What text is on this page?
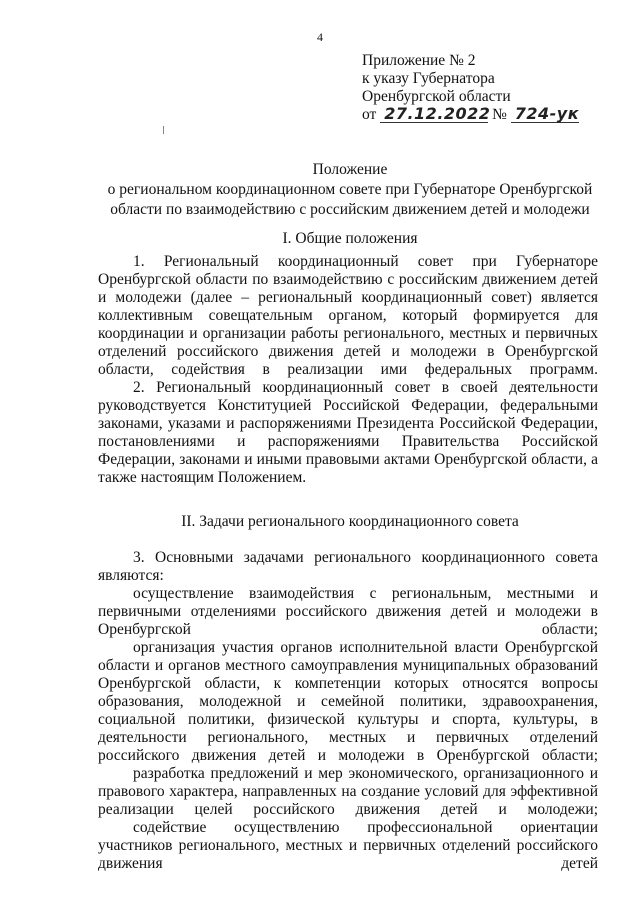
4
Приложение № 2
к указу Губернатора
Оренбургской области
от 27.12.2022 № 724-ук
Положение
о региональном координационном совете при Губернаторе Оренбургской
области по взаимодействию с российским движением детей и молодежи
I. Общие положения

1. Региональный координационный совет при Губернаторе Оренбургской области по взаимодействию с российским движением детей и молодежи (далее – региональный координационный совет) является коллективным совещательным органом, который формируется для координации и организации работы регионального, местных и первичных отделений российского движения детей и молодежи в Оренбургской области, содействия в реализации ими федеральных программ.

2. Региональный координационный совет в своей деятельности руководствуется Конституцией Российской Федерации, федеральными законами, указами и распоряжениями Президента Российской Федерации, постановлениями и распоряжениями Правительства Российской Федерации, законами и иными правовыми актами Оренбургской области, а также настоящим Положением.

II. Задачи регионального координационного совета

3. Основными задачами регионального координационного совета являются:

осуществление взаимодействия с региональным, местными и первичными отделениями российского движения детей и молодежи в Оренбургской области;

организация участия органов исполнительной власти Оренбургской области и органов местного самоуправления муниципальных образований Оренбургской области, к компетенции которых относятся вопросы образования, молодежной и семейной политики, здравоохранения, социальной политики, физической культуры и спорта, культуры, в деятельности регионального, местных и первичных отделений российского движения детей и молодежи в Оренбургской области;

разработка предложений и мер экономического, организационного и правового характера, направленных на создание условий для эффективной реализации целей российского движения детей и молодежи;

содействие осуществлению профессиональной ориентации участников регионального, местных и первичных отделений российского движения детей
